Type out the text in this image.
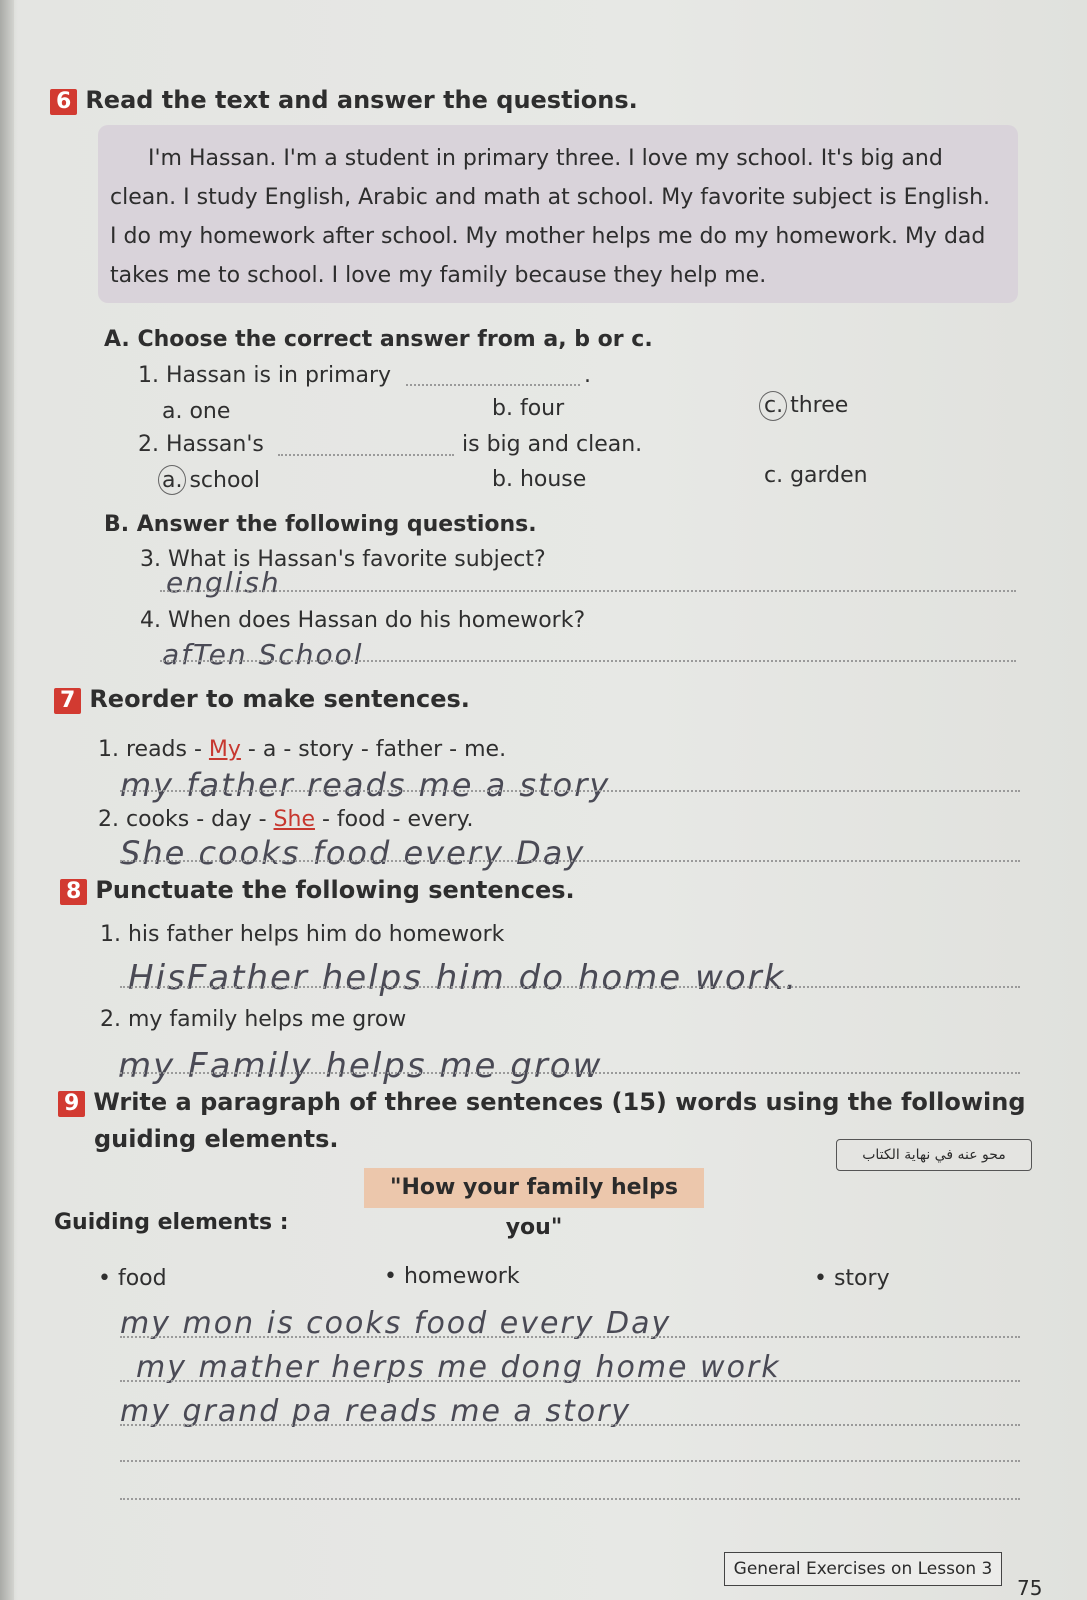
6 Read the text and answer the questions.

I'm Hassan. I'm a student in primary three. I love my school. It's big and
clean. I study English, Arabic and math at school. My favorite subject is English.
I do my homework after school. My mother helps me do my homework. My dad
takes me to school. I love my family because they help me.

A. Choose the correct answer from a, b or c.
1. Hassan is in primary	.
a. one	b. four	c. three
2. Hassan's	is big and clean.
a. school	b. house	c. garden
B. Answer the following questions.
3. What is Hassan's favorite subject?
english
4. When does Hassan do his homework?
afTen School
7 Reorder to make sentences.
1. reads - My - a - story - father - me.
my father reads me a story
2. cooks - day - She - food - every.
She cooks food every Day
8 Punctuate the following sentences.
1. his father helps him do homework
HisFather helps him do home work.
2. my family helps me grow
my Family helps me grow
9 Write a paragraph of three sentences (15) words using the following
guiding elements.
محو عنه في نهاية الكتاب
"How your family helps you"
Guiding elements :
• food	• homework	• story
my mon is cooks food every Day
my mather herps me dong home work
my grand pa reads me a story
General Exercises on Lesson 3
75
